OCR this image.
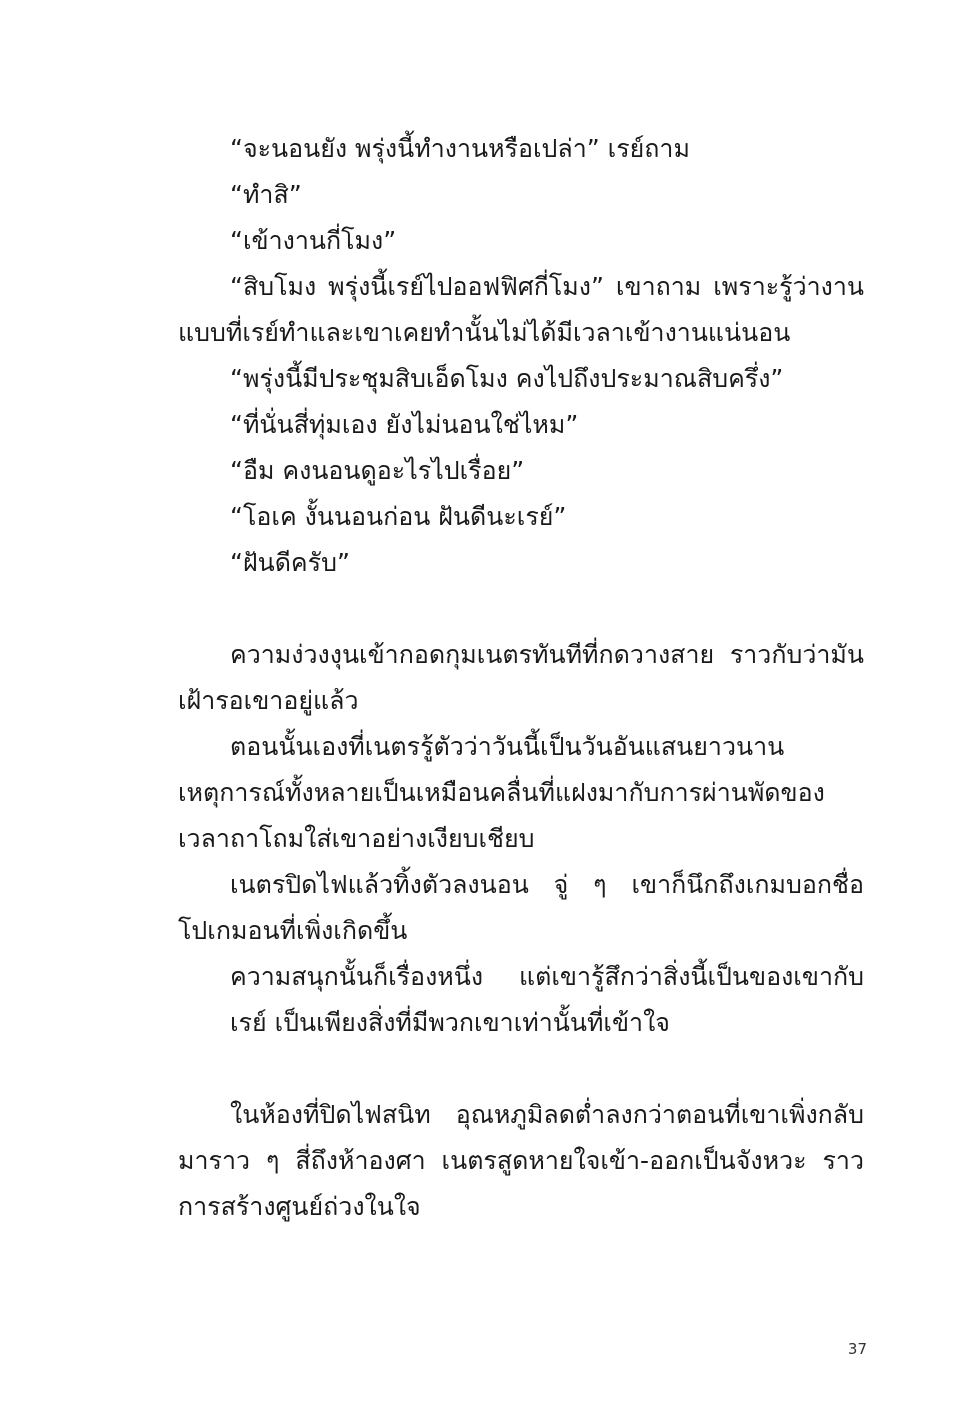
“จะนอนยัง พรุ่งนี้ทำงานหรือเปล่า” เรย์ถาม

“ทำสิ”

“เข้างานกี่โมง”

“สิบโมง พรุ่งนี้เรย์ไปออฟฟิศกี่โมง” เขาถาม เพราะรู้ว่างานแบบที่เรย์ทำและเขาเคยทำนั้นไม่ได้มีเวลาเข้างานแน่นอน

“พรุ่งนี้มีประชุมสิบเอ็ดโมง คงไปถึงประมาณสิบครึ่ง”

“ที่นั่นสี่ทุ่มเอง ยังไม่นอนใช่ไหม”

“อืม คงนอนดูอะไรไปเรื่อย”

“โอเค งั้นนอนก่อน ฝันดีนะเรย์”

“ฝันดีครับ”

ความง่วงงุนเข้ากอดกุมเนตรทันทีที่กดวางสาย ราวกับว่ามันเฝ้ารอเขาอยู่แล้ว

ตอนนั้นเองที่เนตรรู้ตัวว่าวันนี้เป็นวันอันแสนยาวนาน เหตุการณ์ทั้งหลายเป็นเหมือนคลื่นที่แฝงมากับการผ่านพัดของเวลาถาโถมใส่เขาอย่างเงียบเชียบ

เนตรปิดไฟแล้วทิ้งตัวลงนอน จู่ ๆ เขาก็นึกถึงเกมบอกชื่อโปเกมอนที่เพิ่งเกิดขึ้น

ความสนุกนั้นก็เรื่องหนึ่ง แต่เขารู้สึกว่าสิ่งนี้เป็นของเขากับเรย์ เป็นเพียงสิ่งที่มีพวกเขาเท่านั้นที่เข้าใจ

ในห้องที่ปิดไฟสนิท อุณหภูมิลดต่ำลงกว่าตอนที่เขาเพิ่งกลับมาราว ๆ สี่ถึงห้าองศา เนตรสูดหายใจเข้า-ออกเป็นจังหวะ ราวการสร้างศูนย์ถ่วงในใจ

37
